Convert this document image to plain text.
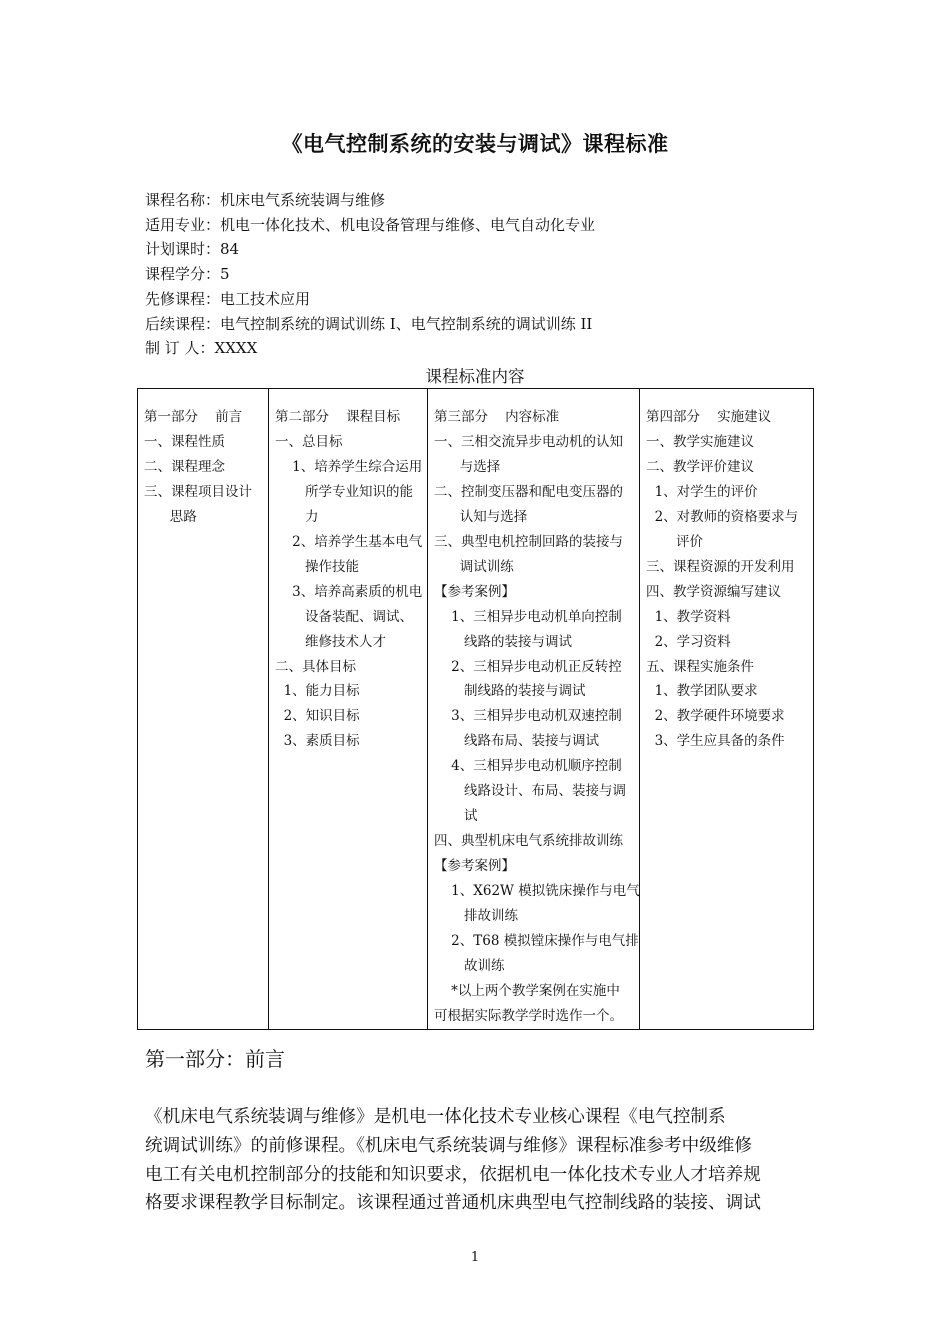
《电气控制系统的安装与调试》课程标准
课程名称：机床电气系统装调与维修
适用专业：机电一体化技术、机电设备管理与维修、电气自动化专业
计划课时：84
课程学分：5
先修课程：电工技术应用
后续课程：电气控制系统的调试训练 I、电气控制系统的调试训练 II
制 订 人：XXXX

课程标准内容

第一部分    前言
一、课程性质
二、课程理念
三、课程项目设计
思路

第二部分    课程目标
一、总目标
1、培养学生综合运用
所学专业知识的能
力
2、培养学生基本电气
操作技能
3、培养高素质的机电
设备装配、调试、
维修技术人才
二、具体目标
1、能力目标
2、知识目标
3、素质目标

第三部分    内容标准
一、三相交流异步电动机的认知
与选择
二、控制变压器和配电变压器的
认知与选择
三、典型电机控制回路的装接与
调试训练
【参考案例】
1、三相异步电动机单向控制
线路的装接与调试
2、三相异步电动机正反转控
制线路的装接与调试
3、三相异步电动机双速控制
线路布局、装接与调试
4、三相异步电动机顺序控制
线路设计、布局、装接与调
试
四、典型机床电气系统排故训练
【参考案例】
1、X62W 模拟铣床操作与电气
排故训练
2、T68 模拟镗床操作与电气排
故训练
*以上两个教学案例在实施中
可根据实际教学学时选作一个。

第四部分    实施建议
一、教学实施建议
二、教学评价建议
1、对学生的评价
2、对教师的资格要求与
评价
三、课程资源的开发利用
四、教学资源编写建议
1、教学资料
2、学习资料
五、课程实施条件
1、教学团队要求
2、教学硬件环境要求
3、学生应具备的条件
第一部分：前言
《机床电气系统装调与维修》是机电一体化技术专业核心课程《电气控制系
统调试训练》的前修课程。《机床电气系统装调与维修》课程标准参考中级维修
电工有关电机控制部分的技能和知识要求，依据机电一体化技术专业人才培养规
格要求课程教学目标制定。该课程通过普通机床典型电气控制线路的装接、调试

1
